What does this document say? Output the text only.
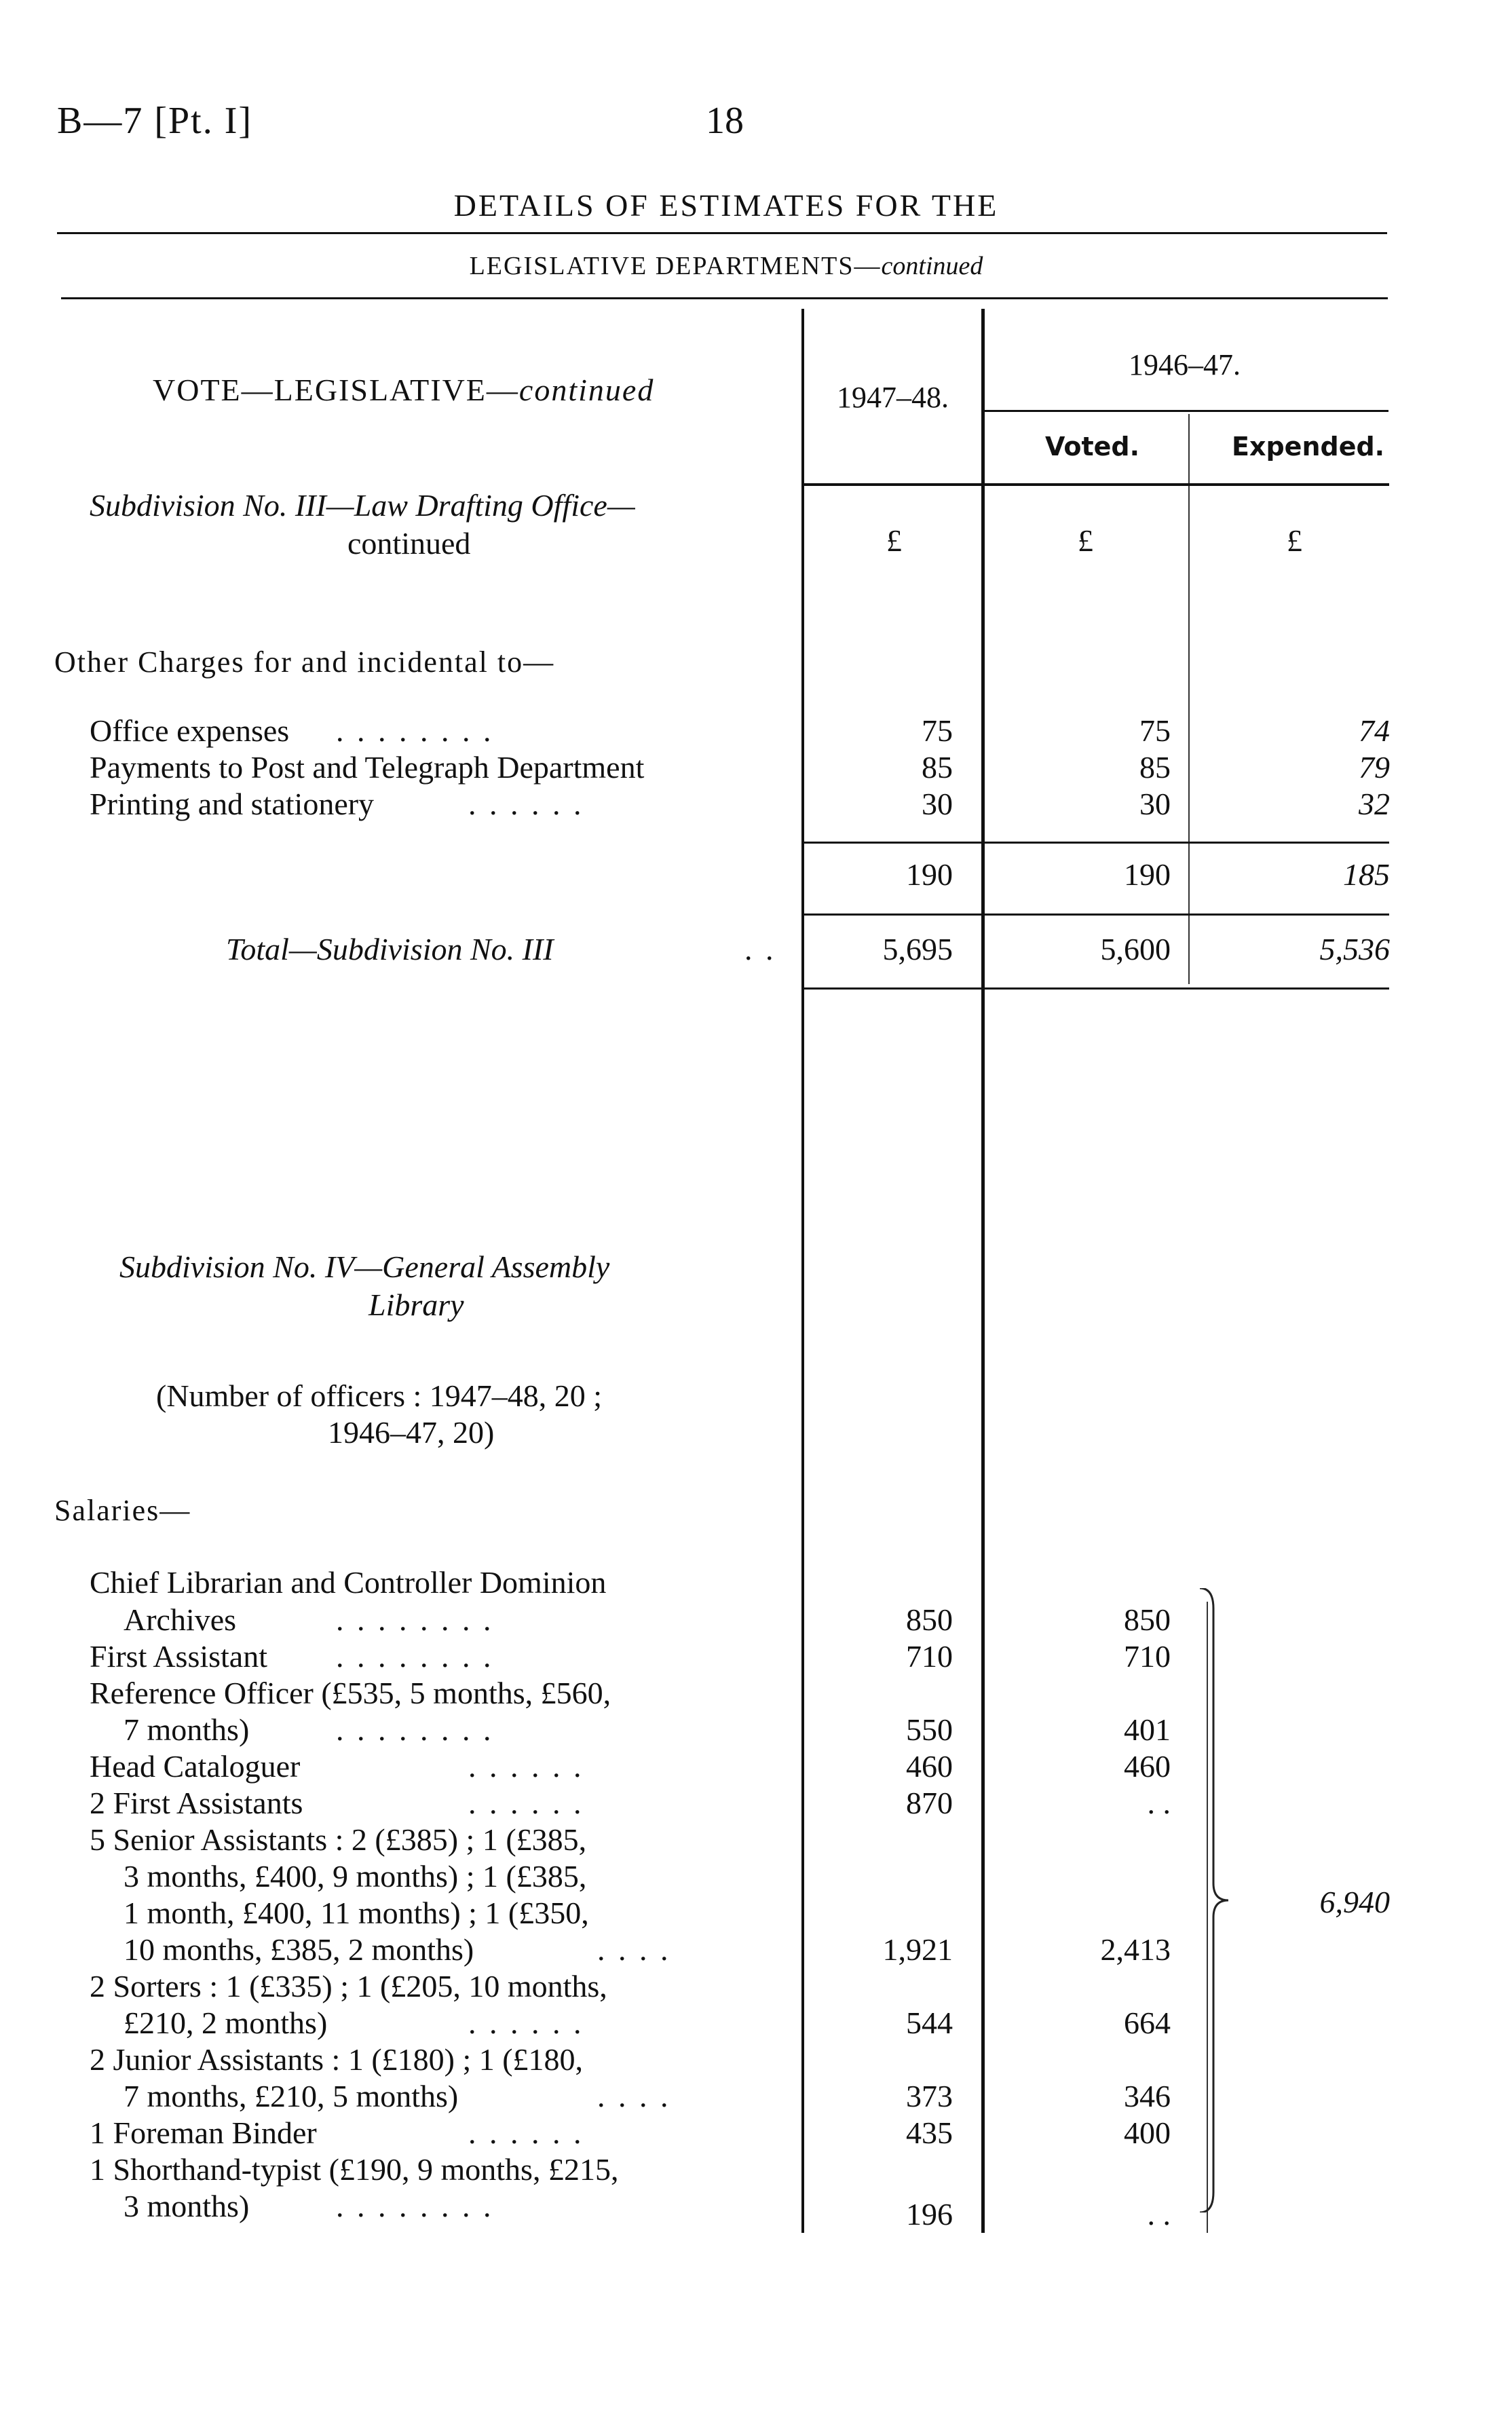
B—7 [Pt. I]	18
DETAILS OF ESTIMATES FOR THE
LEGISLATIVE DEPARTMENTS—continued
VOTE—LEGISLATIVE—continued	1947–48.
1946–47.
Voted.	Expended.
Subdivision No. III—Law Drafting Office—
continued	£	£	£
Other Charges for and incidental to—
Office expenses . . . . . . . .	75	75	74
Payments to Post and Telegraph Department	85	85	79
Printing and stationery	. . . . . .	30	30	32
190	190	185
Total—Subdivision No. III	. .	5,695	5,600	5,536
Subdivision No. IV—General Assembly
Library
(Number of officers : 1947–48, 20 ;
1946–47, 20)
Salaries—
Chief Librarian and Controller Dominion
Archives	. . . . . . . .	850	850
First Assistant . . . . . . . .	710	710
Reference Officer (£535, 5 months, £560,
7 months)	. . . . . . . .	550	401
Head Cataloguer	. . . . . .	460	460
2 First Assistants	. . . . . .	870	. .
5 Senior Assistants : 2 (£385) ; 1 (£385,
3 months, £400, 9 months) ; 1 (£385,
1 month, £400, 11 months) ; 1 (£350,
10 months, £385, 2 months)	. . . .	1,921	2,413
2 Sorters : 1 (£335) ; 1 (£205, 10 months,
£210, 2 months)	. . . . . .	544	664
2 Junior Assistants : 1 (£180) ; 1 (£180,
7 months, £210, 5 months)	. . . .	373	346
1 Foreman Binder	. . . . . .	435	400
1 Shorthand-typist (£190, 9 months, £215,
3 months)	. . . . . . . .	196	. .
6,940
